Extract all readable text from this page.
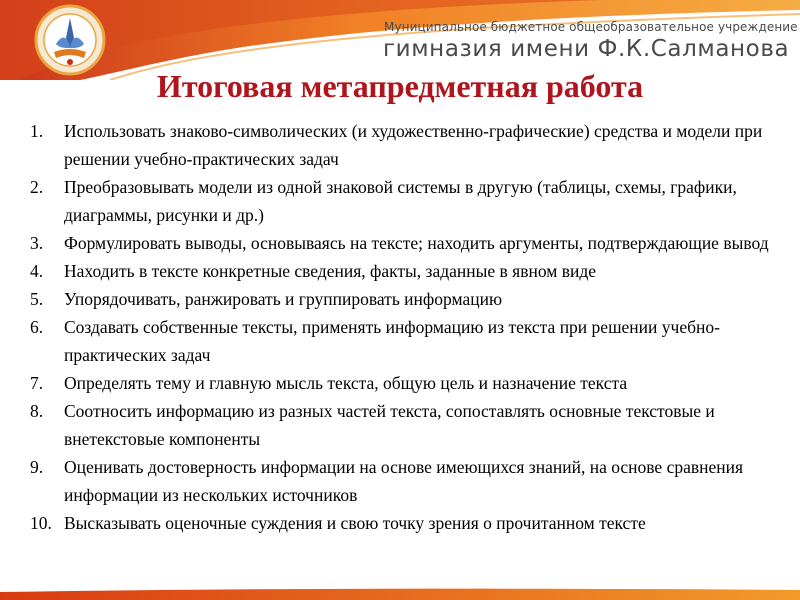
Муниципальное бюджетное общеобразовательное учреждение
гимназия имени Ф.К.Салманова
Итоговая метапредметная работа
1.	Использовать знаково-символических (и художественно-графические) средства и модели при решении учебно-практических задач
2.	Преобразовывать модели из одной знаковой системы в другую (таблицы, схемы, графики, диаграммы, рисунки и др.)
3.	Формулировать выводы, основываясь на тексте; находить аргументы, подтверждающие вывод
4.	Находить в тексте конкретные сведения, факты, заданные в явном виде
5.	Упорядочивать, ранжировать и группировать информацию
6.	Создавать собственные тексты, применять информацию из текста при решении учебно-практических задач
7.	Определять тему и главную мысль текста, общую цель и назначение текста
8.	Соотносить информацию из разных частей текста, сопоставлять основные текстовые и внетекстовые компоненты
9.	Оценивать достоверность информации на основе имеющихся знаний, на основе сравнения информации из нескольких источников
10. Высказывать оценочные суждения и свою точку зрения о прочитанном тексте
